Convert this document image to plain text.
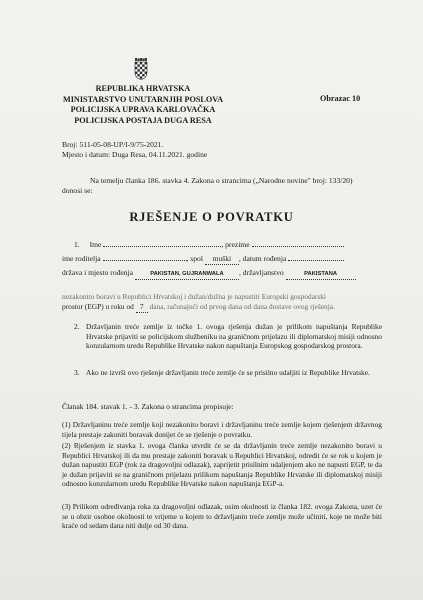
REPUBLIKA HRVATSKA
MINISTARSTVO UNUTARNJIH POSLOVA
POLICIJSKA UPRAVA KARLOVAČKA
POLICIJSKA POSTAJA DUGA RESA
Obrazac 10
Broj: 511-05-08-UP/I-9/75-2021.
Mjesto i datum: Duga Resa, 04.11.2021. godine
Na temelju članka 186. stavka 4. Zakona o strancima („Narodne novine" broj: 133/20)
donosi se:
RJEŠENJE O POVRATKU
1. Ime	, prezime
ime roditelja	, spol muški , datum rođenja
država i mjesto rođenja	PAKISTAN, GUJRANWALA , državljanstvo	PAKISTANA
nezakonito boravi u Republici Hrvatskoj i dužan/dužna je napustiti Europski gospodarski
prostor (EGP) u roku od 7 dana, računajući od prvog dana od dana dostave ovog rješenja.
2. Državljanin treće zemlje iz točke 1. ovoga rješenja dužan je prilikom napuštanja Republike Hrvatske prijaviti se policijskom službeniku na graničnom prijelazu ili diplomatskoj misiji odnosno konzularnom uredu Republike Hrvatske nakon napuštanja Europskog gospodarskog prostora.
3. Ako ne izvrši ovo rješenje državljanin treće zemlje će se prisilno udaljiti iz Republike Hrvatske.
Članak 184. stavak 1. - 3. Zakona o strancima propisuje:
(1) Državljaninu treće zemlje koji nezakonito boravi i državljaninu treće zemlje kojem rješenjem državnog tijela prestaje zakoniti boravak donijet će se rješenje o povratku.
(2) Rješenjem iz stavka 1. ovoga članka utvrdit će se da državljanin treće zemlje nezakonito boravi u Republici Hrvatskoj ili da mu prestaje zakoniti boravak u Republici Hrvatskoj, odredit će se rok u kojem je dužan napustiti EGP (rok za dragovoljni odlazak), zaprijetit prisilnim udaljenjem ako ne napusti EGP, te da je dužan prijaviti se na graničnom prijelazu prilikom napuštanja Republike Hrvatske ili diplomatskoj misiji odnosno konzularnom uredu Republike Hrvatske nakon napuštanja EGP-a.
(3) Prilikom određivanja roka za dragovoljni odlazak, osim okolnosti iz članka 182. ovoga Zakona, uzet će se u obzir osobne okolnosti te vrijeme u kojem to državljanin treće zemlje može učiniti, koje ne može biti kraće od sedam dana niti dulje od 30 dana.
